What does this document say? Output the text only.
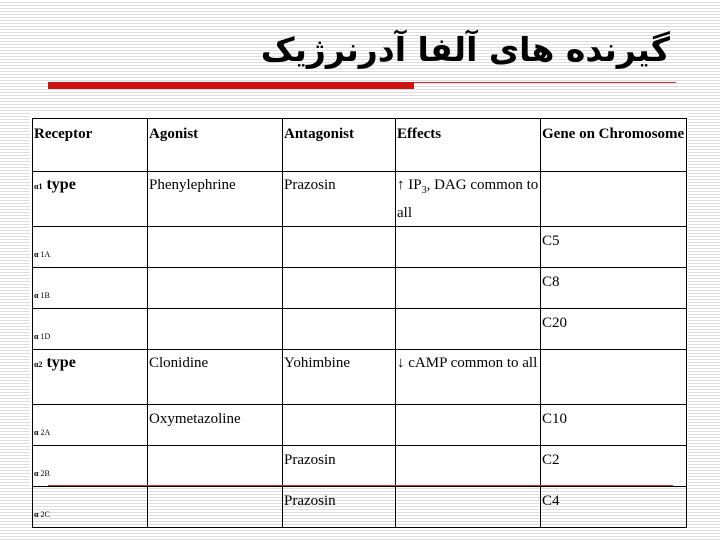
گیرنده های آلفا آدرنرژیک
Receptor	Agonist	Antagonist	Effects	Gene on Chromosome
α1 type	Phenylephrine	Prazosin	↑ $IP_3$, DAG common to all	
α 1A				C5
α 1B				C8
α 1D				C20
α2 type	Clonidine	Yohimbine	↓ cAMP common to all	
α 2A	Oxymetazoline			C10
α 2B		Prazosin		C2
α 2C		Prazosin		C4
